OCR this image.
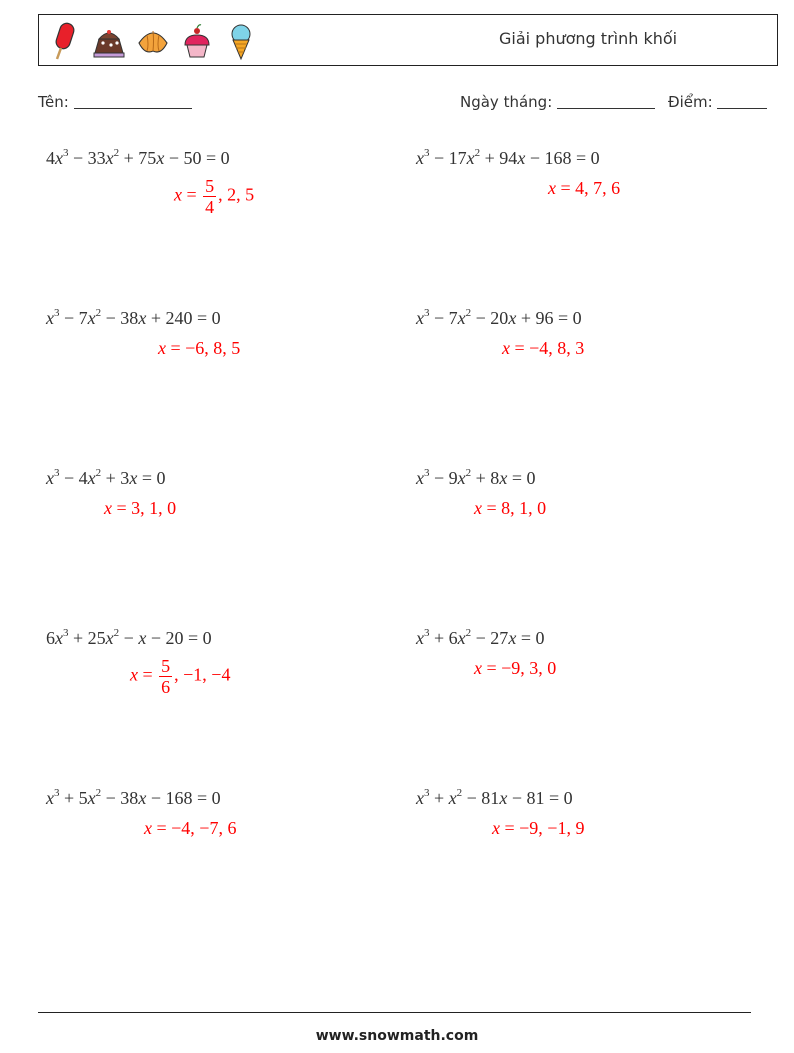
Giải phương trình khối
Tên:	Ngày tháng:	Điểm:
$4x^3 - 33x^2 + 75x - 50 = 0$
$x = \frac{5}{4}$ , 2, 5
$x^3 - 17x^2 + 94x - 168 = 0$
x = 4, 7, 6
$x^3 - 7x^2 - 38x + 240 = 0$
x = −6, 8, 5
$x^3 - 7x^2 - 20x + 96 = 0$
x = −4, 8, 3
$x^3 - 4x^2 + 3x = 0$
x = 3, 1, 0
$x^3 - 9x^2 + 8x = 0$
x = 8, 1, 0
$6x^3 + 25x^2 - x - 20 = 0$
$x = \frac{5}{6}$ , −1, −4
$x^3 + 6x^2 - 27x = 0$
x = −9, 3, 0
$x^3 + 5x^2 - 38x - 168 = 0$
x = −4, −7, 6
$x^3 + x^2 - 81x - 81 = 0$
x = −9, −1, 9
www.snowmath.com
